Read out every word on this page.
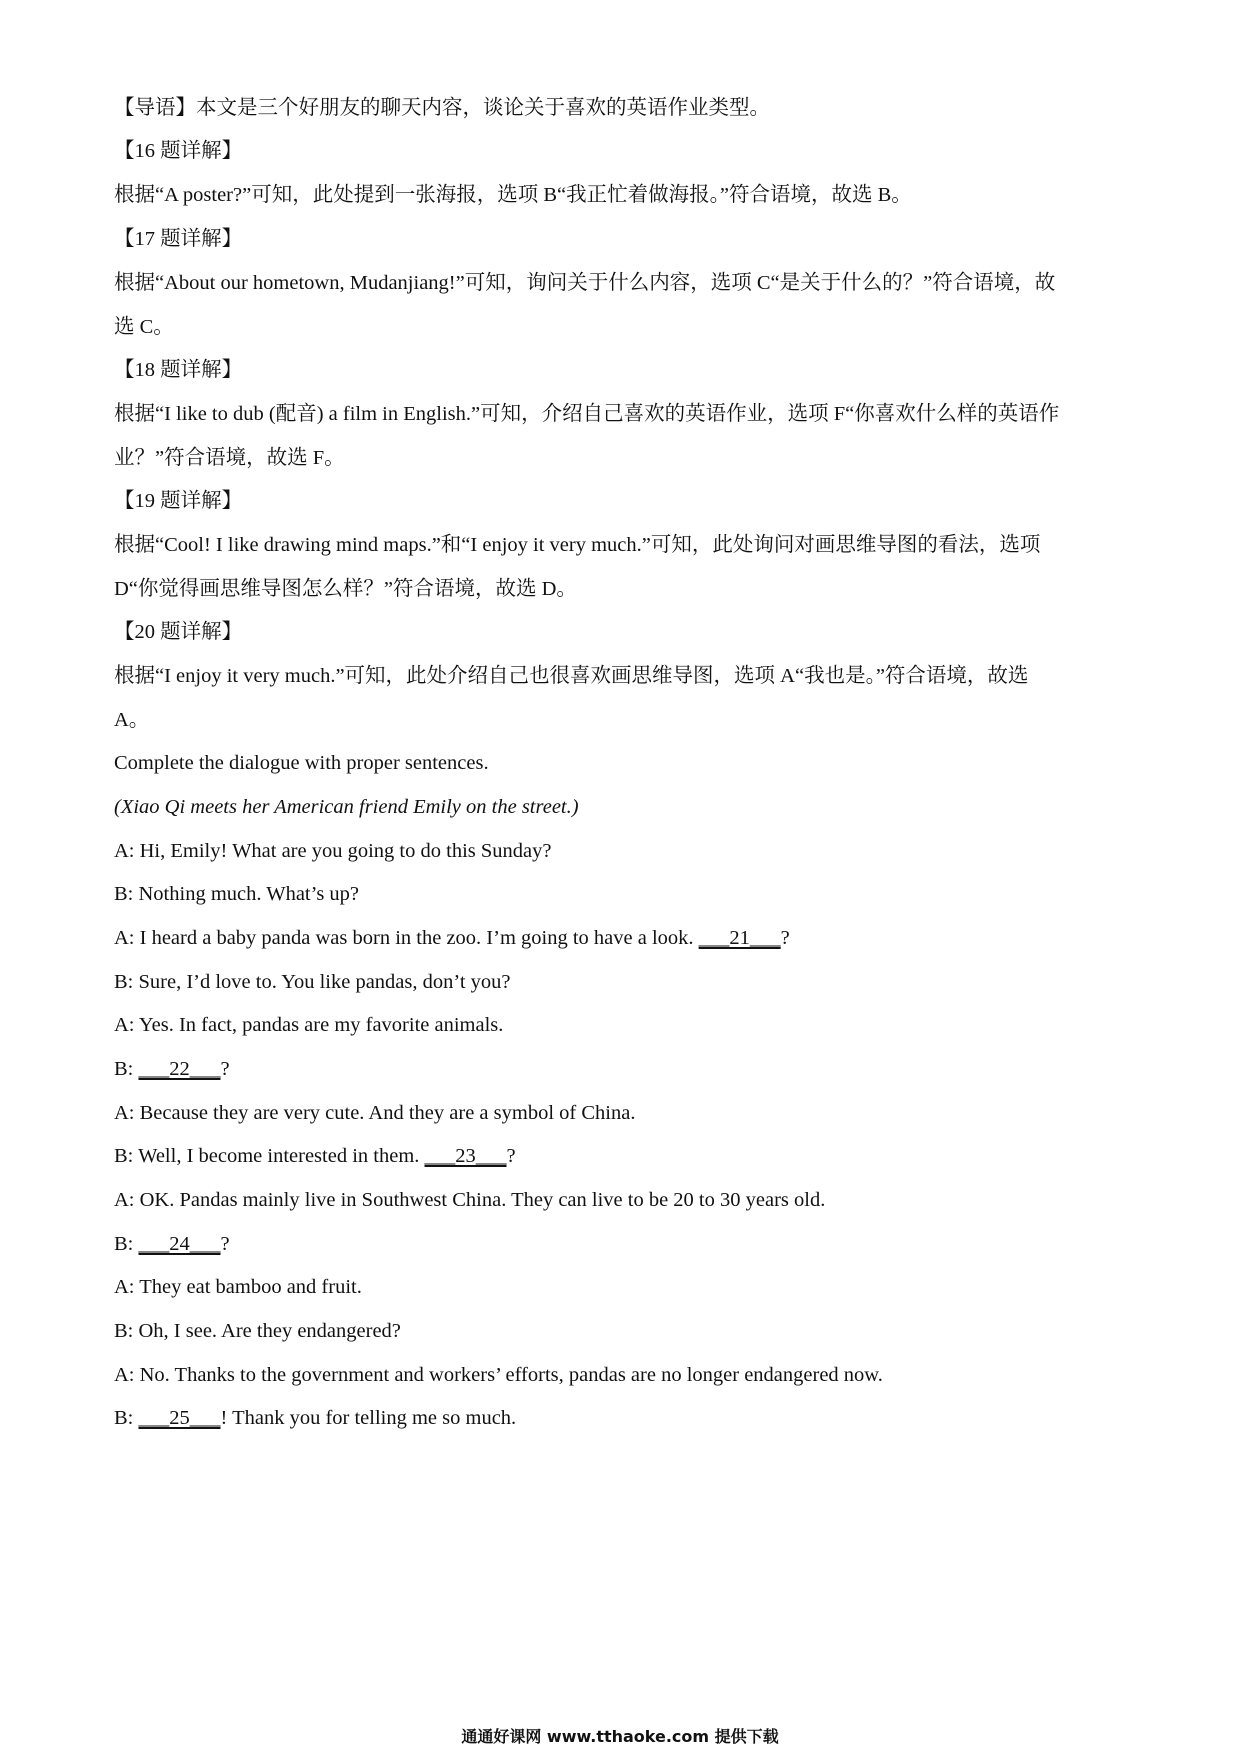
【导语】本文是三个好朋友的聊天内容，谈论关于喜欢的英语作业类型。
【16 题详解】
根据“A poster?”可知，此处提到一张海报，选项 B“我正忙着做海报。”符合语境，故选 B。
【17 题详解】
根据“About our hometown, Mudanjiang!”可知，询问关于什么内容，选项 C“是关于什么的？”符合语境，故
选 C。
【18 题详解】
根据“I like to dub (配音) a film in English.”可知，介绍自己喜欢的英语作业，选项 F“你喜欢什么样的英语作
业？”符合语境，故选 F。
【19 题详解】
根据“Cool! I like drawing mind maps.”和“I enjoy it very much.”可知，此处询问对画思维导图的看法，选项
D“你觉得画思维导图怎么样？”符合语境，故选 D。
【20 题详解】
根据“I enjoy it very much.”可知，此处介绍自己也很喜欢画思维导图，选项 A“我也是。”符合语境，故选
A。
Complete the dialogue with proper sentences.
(Xiao Qi meets her American friend Emily on the street.)
A: Hi, Emily! What are you going to do this Sunday?
B: Nothing much. What’s up?
A: I heard a baby panda was born in the zoo. I’m going to have a look. ___21___?
B: Sure, I’d love to. You like pandas, don’t you?
A: Yes. In fact, pandas are my favorite animals.
B: ___22___?
A: Because they are very cute. And they are a symbol of China.
B: Well, I become interested in them. ___23___?
A: OK. Pandas mainly live in Southwest China. They can live to be 20 to 30 years old.
B: ___24___?
A: They eat bamboo and fruit.
B: Oh, I see. Are they endangered?
A: No. Thanks to the government and workers’ efforts, pandas are no longer endangered now.
B: ___25___! Thank you for telling me so much.
通通好课网 www.tthaoke.com 提供下载
